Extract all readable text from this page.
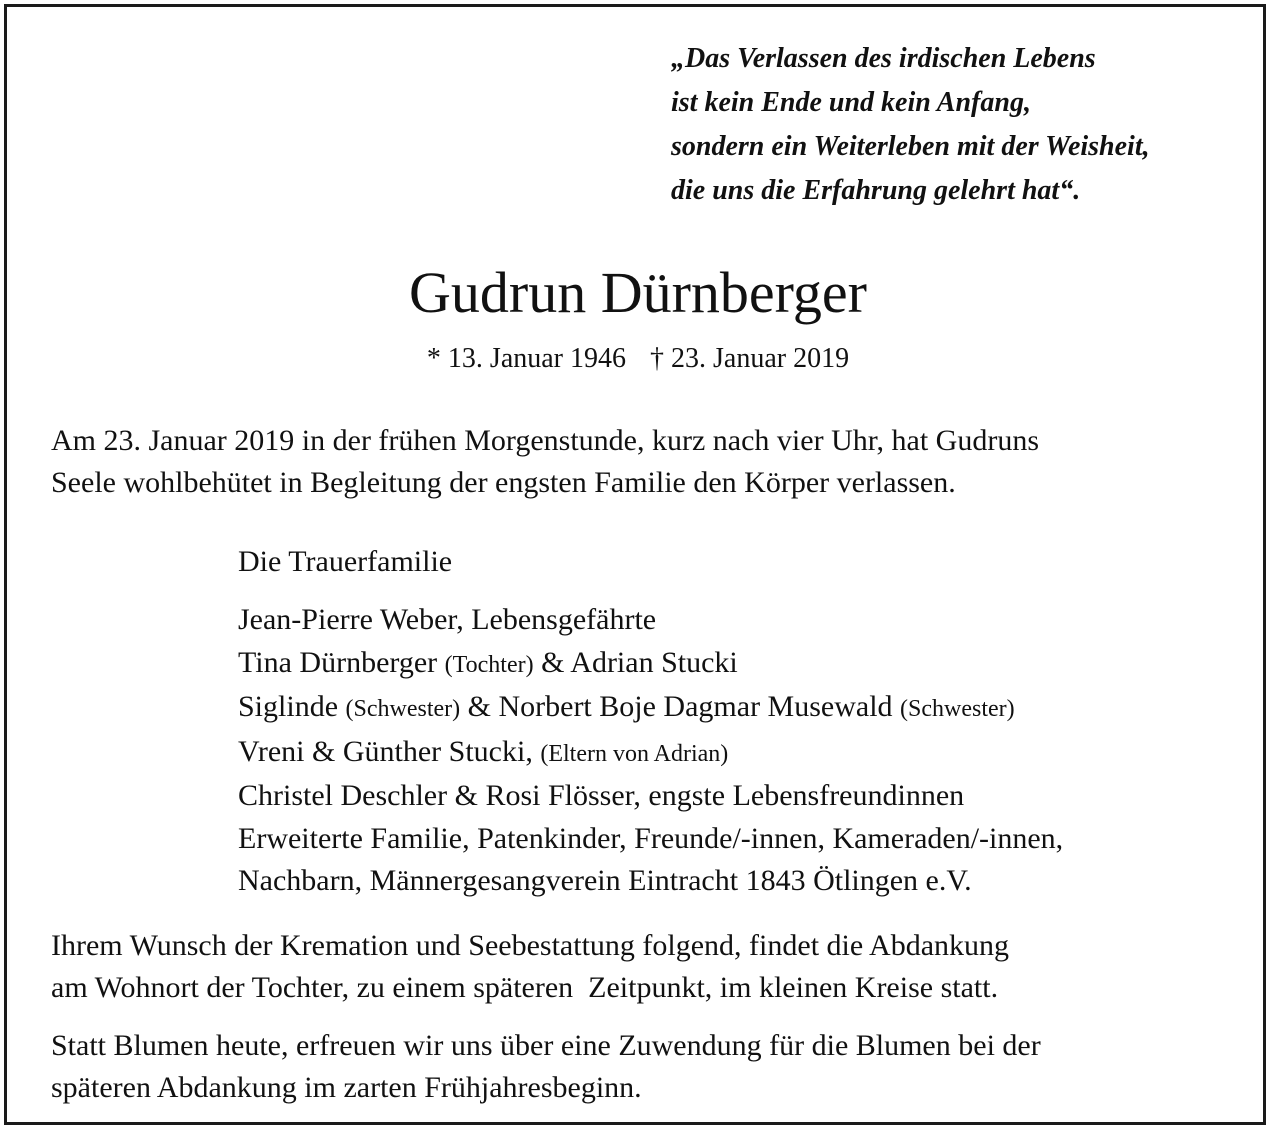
„Das Verlassen des irdischen Lebens
ist kein Ende und kein Anfang,
sondern ein Weiterleben mit der Weisheit,
die uns die Erfahrung gelehrt hat“.
Gudrun Dürnberger
* 13. Januar 1946 † 23. Januar 2019
Am 23. Januar 2019 in der frühen Morgenstunde, kurz nach vier Uhr, hat Gudruns
Seele wohlbehütet in Begleitung der engsten Familie den Körper verlassen.
Die Trauerfamilie
Jean-Pierre Weber, Lebensgefährte
Tina Dürnberger (Tochter) & Adrian Stucki
Siglinde (Schwester) & Norbert Boje Dagmar Musewald (Schwester)
Vreni & Günther Stucki, (Eltern von Adrian)
Christel Deschler & Rosi Flösser, engste Lebensfreundinnen
Erweiterte Familie, Patenkinder, Freunde/-innen, Kameraden/-innen,
Nachbarn, Männergesangverein Eintracht 1843 Ötlingen e.V.
Ihrem Wunsch der Kremation und Seebestattung folgend, findet die Abdankung
am Wohnort der Tochter, zu einem späteren  Zeitpunkt, im kleinen Kreise statt.
Statt Blumen heute, erfreuen wir uns über eine Zuwendung für die Blumen bei der
späteren Abdankung im zarten Frühjahresbeginn.
